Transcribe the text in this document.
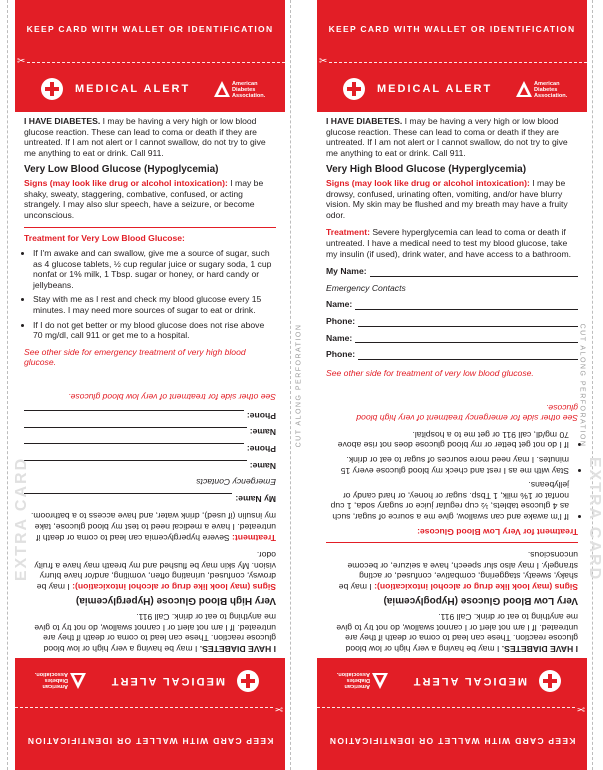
KEEP CARD WITH WALLET OR IDENTIFICATION
✂
MEDICAL ALERT	American
Diabetes
Association.

I HAVE DIABETES. I may be having a very high or low blood glucose reaction. These can lead to coma or death if they are untreated. If I am not alert or I cannot swallow, do not try to give me anything to eat or drink. Call 911.

Very Low Blood Glucose (Hypoglycemia)

Signs (may look like drug or alcohol intoxication): I may be shaky, sweaty, staggering, combative, confused, or acting strangely. I may also slur speech, have a seizure, or become unconscious.

Treatment for Very Low Blood Glucose:
• If I'm awake and can swallow, give me a source of sugar, such as 4 glucose tablets, ½ cup regular juice or sugary soda, 1 cup nonfat or 1% milk, 1 Tbsp. sugar or honey, or hard candy or jellybeans.
• Stay with me as I rest and check my blood glucose every 15 minutes. I may need more sources of sugar to eat or drink.
• If I do not get better or my blood glucose does not rise above 70 mg/dl, call 911 or get me to a hospital.
See other side for emergency treatment of very high blood glucose.
KEEP CARD WITH WALLET OR IDENTIFICATION
✂
MEDICAL ALERT
American
Diabetes
Association.

I HAVE DIABETES. I may be having a very high or low blood glucose reaction. These can lead to coma or death if they are untreated. If I am not alert or I cannot swallow, do not try to give me anything to eat or drink. Call 911.

Very High Blood Glucose (Hyperglycemia)

Signs (may look like drug or alcohol intoxication): I may be drowsy, confused, urinating often, vomiting, and/or have blurry vision. My skin may be flushed and my breath may have a fruity odor.

Treatment: Severe hyperglycemia can lead to coma or death if untreated. I have a medical need to test my blood glucose, take my insulin (if used), drink water, and have access to a bathroom.

My Name:
Emergency Contacts
Name:
Phone:
Name:
Phone:
See other side for treatment of very low blood glucose.
KEEP CARD WITH WALLET OR IDENTIFICATION
✂
MEDICAL ALERT	American
Diabetes
Association.

I HAVE DIABETES. I may be having a very high or low blood glucose reaction. These can lead to coma or death if they are untreated. If I am not alert or I cannot swallow, do not try to give me anything to eat or drink. Call 911.

Very High Blood Glucose (Hyperglycemia)

Signs (may look like drug or alcohol intoxication): I may be drowsy, confused, urinating often, vomiting, and/or have blurry vision. My skin may be flushed and my breath may have a fruity odor.

Treatment: Severe hyperglycemia can lead to coma or death if untreated. I have a medical need to test my blood glucose, take my insulin (if used), drink water, and have access to a bathroom.

My Name:
Emergency Contacts
Name:
Phone:
Name:
Phone:
See other side for treatment of very low blood glucose.
KEEP CARD WITH WALLET OR IDENTIFICATION
✂
MEDICAL ALERT
American
Diabetes
Association.

I HAVE DIABETES. I may be having a very high or low blood glucose reaction. These can lead to coma or death if they are untreated. If I am not alert or I cannot swallow, do not try to give me anything to eat or drink. Call 911.

Very Low Blood Glucose (Hypoglycemia)

Signs (may look like drug or alcohol intoxication): I may be shaky, sweaty, staggering, combative, confused, or acting strangely. I may also slur speech, have a seizure, or become unconscious.

Treatment for Very Low Blood Glucose:
• If I'm awake and can swallow, give me a source of sugar, such as 4 glucose tablets, ½ cup regular juice or sugary soda, 1 cup nonfat or 1% milk, 1 Tbsp. sugar or honey, or hard candy or jellybeans.
• Stay with me as I rest and check my blood glucose every 15 minutes. I may need more sources of sugar to eat or drink.
• If I do not get better or my blood glucose does not rise above 70 mg/dl, call 911 or get me to a hospital.
See other side for emergency treatment of very high blood glucose.
CUT ALONG PERFORATION	CUT ALONG PERFORATION
EXTRA CARD	EXTRA CARD
